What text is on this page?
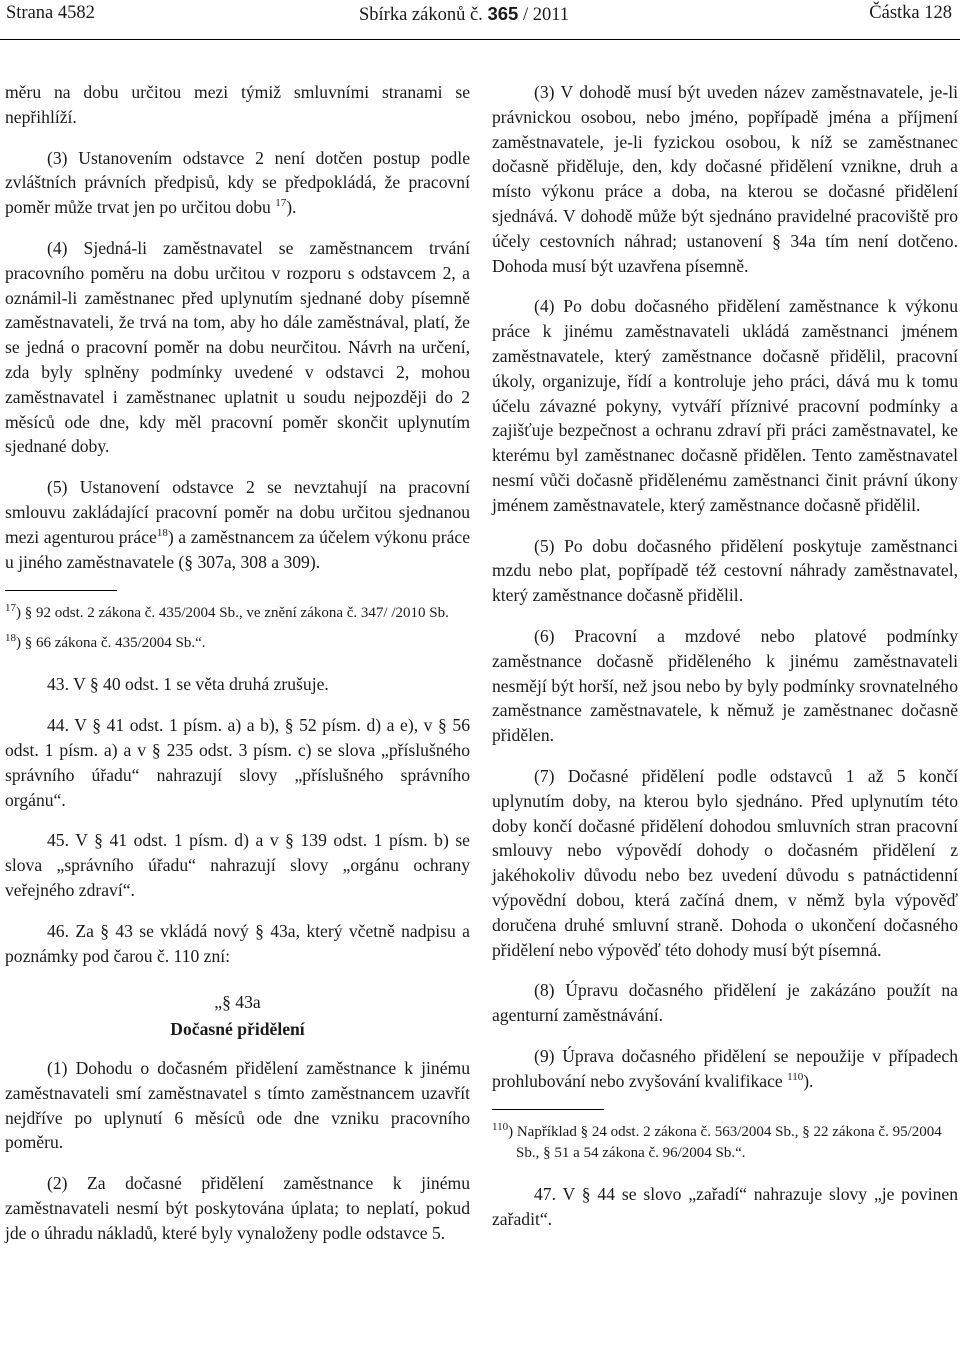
Strana 4582	Sbírka zákonů č. 365 / 2011	Částka 128

měru na dobu určitou mezi týmiž smluvními stranami se nepřihlíží.

(3) Ustanovením odstavce 2 není dotčen postup podle zvláštních právních předpisů, kdy se předpokládá, že pracovní poměr může trvat jen po určitou dobu $^{17}$).

(4) Sjedná-li zaměstnavatel se zaměstnancem trvání pracovního poměru na dobu určitou v rozporu s odstavcem 2, a oznámil-li zaměstnanec před uplynutím sjednané doby písemně zaměstnavateli, že trvá na tom, aby ho dále zaměstnával, platí, že se jedná o pracovní poměr na dobu neurčitou. Návrh na určení, zda byly splněny podmínky uvedené v odstavci 2, mohou zaměstnavatel i zaměstnanec uplatnit u soudu nejpozději do 2 měsíců ode dne, kdy měl pracovní poměr skončit uplynutím sjednané doby.

(5) Ustanovení odstavce 2 se nevztahují na pracovní smlouvu zakládající pracovní poměr na dobu určitou sjednanou mezi agenturou práce$^{18}$) a zaměstnancem za účelem výkonu práce u jiného zaměstnavatele (§ 307a, 308 a 309).

$^{17}$) § 92 odst. 2 zákona č. 435/2004 Sb., ve znění zákona č. 347/ /2010 Sb.

$^{18}$) § 66 zákona č. 435/2004 Sb.“.

43. V § 40 odst. 1 se věta druhá zrušuje.

44. V § 41 odst. 1 písm. a) a b), § 52 písm. d) a e), v § 56 odst. 1 písm. a) a v § 235 odst. 3 písm. c) se slova „příslušného správního úřadu“ nahrazují slovy „příslušného správního orgánu“.

45. V § 41 odst. 1 písm. d) a v § 139 odst. 1 písm. b) se slova „správního úřadu“ nahrazují slovy „orgánu ochrany veřejného zdraví“.

46. Za § 43 se vkládá nový § 43a, který včetně nadpisu a poznámky pod čarou č. 110 zní:

„§ 43a

Dočasné přidělení

(1) Dohodu o dočasném přidělení zaměstnance k jinému zaměstnavateli smí zaměstnavatel s tímto zaměstnancem uzavřít nejdříve po uplynutí 6 měsíců ode dne vzniku pracovního poměru.

(2) Za dočasné přidělení zaměstnance k jinému zaměstnavateli nesmí být poskytována úplata; to neplatí, pokud jde o úhradu nákladů, které byly vynaloženy podle odstavce 5.

(3) V dohodě musí být uveden název zaměstnavatele, je-li právnickou osobou, nebo jméno, popřípadě jména a příjmení zaměstnavatele, je-li fyzickou osobou, k níž se zaměstnanec dočasně přiděluje, den, kdy dočasné přidělení vznikne, druh a místo výkonu práce a doba, na kterou se dočasné přidělení sjednává. V dohodě může být sjednáno pravidelné pracoviště pro účely cestovních náhrad; ustanovení § 34a tím není dotčeno. Dohoda musí být uzavřena písemně.

(4) Po dobu dočasného přidělení zaměstnance k výkonu práce k jinému zaměstnavateli ukládá zaměstnanci jménem zaměstnavatele, který zaměstnance dočasně přidělil, pracovní úkoly, organizuje, řídí a kontroluje jeho práci, dává mu k tomu účelu závazné pokyny, vytváří příznivé pracovní podmínky a zajišťuje bezpečnost a ochranu zdraví při práci zaměstnavatel, ke kterému byl zaměstnanec dočasně přidělen. Tento zaměstnavatel nesmí vůči dočasně přidělenému zaměstnanci činit právní úkony jménem zaměstnavatele, který zaměstnance dočasně přidělil.

(5) Po dobu dočasného přidělení poskytuje zaměstnanci mzdu nebo plat, popřípadě též cestovní náhrady zaměstnavatel, který zaměstnance dočasně přidělil.

(6) Pracovní a mzdové nebo platové podmínky zaměstnance dočasně přiděleného k jinému zaměstnavateli nesmějí být horší, než jsou nebo by byly podmínky srovnatelného zaměstnance zaměstnavatele, k němuž je zaměstnanec dočasně přidělen.

(7) Dočasné přidělení podle odstavců 1 až 5 končí uplynutím doby, na kterou bylo sjednáno. Před uplynutím této doby končí dočasné přidělení dohodou smluvních stran pracovní smlouvy nebo výpovědí dohody o dočasném přidělení z jakéhokoliv důvodu nebo bez uvedení důvodu s patnáctidenní výpovědní dobou, která začíná dnem, v němž byla výpověď doručena druhé smluvní straně. Dohoda o ukončení dočasného přidělení nebo výpověď této dohody musí být písemná.

(8) Úpravu dočasného přidělení je zakázáno použít na agenturní zaměstnávání.

(9) Úprava dočasného přidělení se nepoužije v případech prohlubování nebo zvyšování kvalifikace $^{110}$).

$^{110}$) Například § 24 odst. 2 zákona č. 563/2004 Sb., § 22 zákona č. 95/2004 Sb., § 51 a 54 zákona č. 96/2004 Sb.“.

47. V § 44 se slovo „zařadí“ nahrazuje slovy „je povinen zařadit“.
